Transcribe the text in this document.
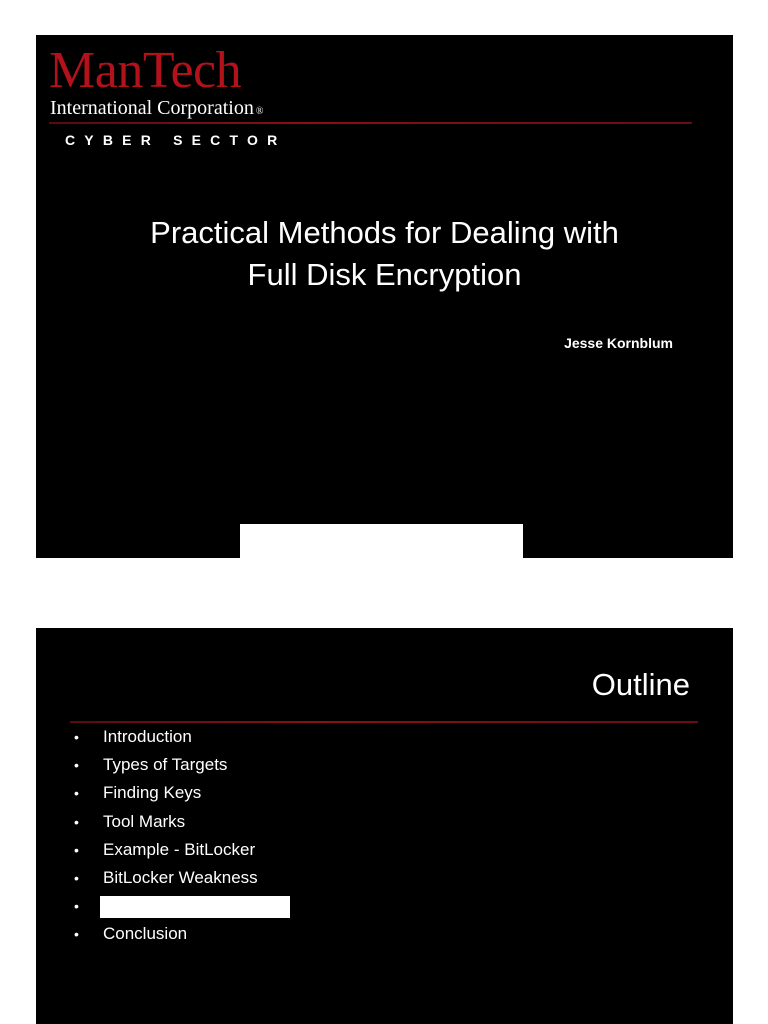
ManTech
International Corporation ®
CYBER SECTOR
Practical Methods for Dealing with
Full Disk Encryption
Jesse Kornblum
Outline
• Introduction
• Types of Targets
• Finding Keys
• Tool Marks
• Example - BitLocker
• BitLocker Weakness
•
• Conclusion
